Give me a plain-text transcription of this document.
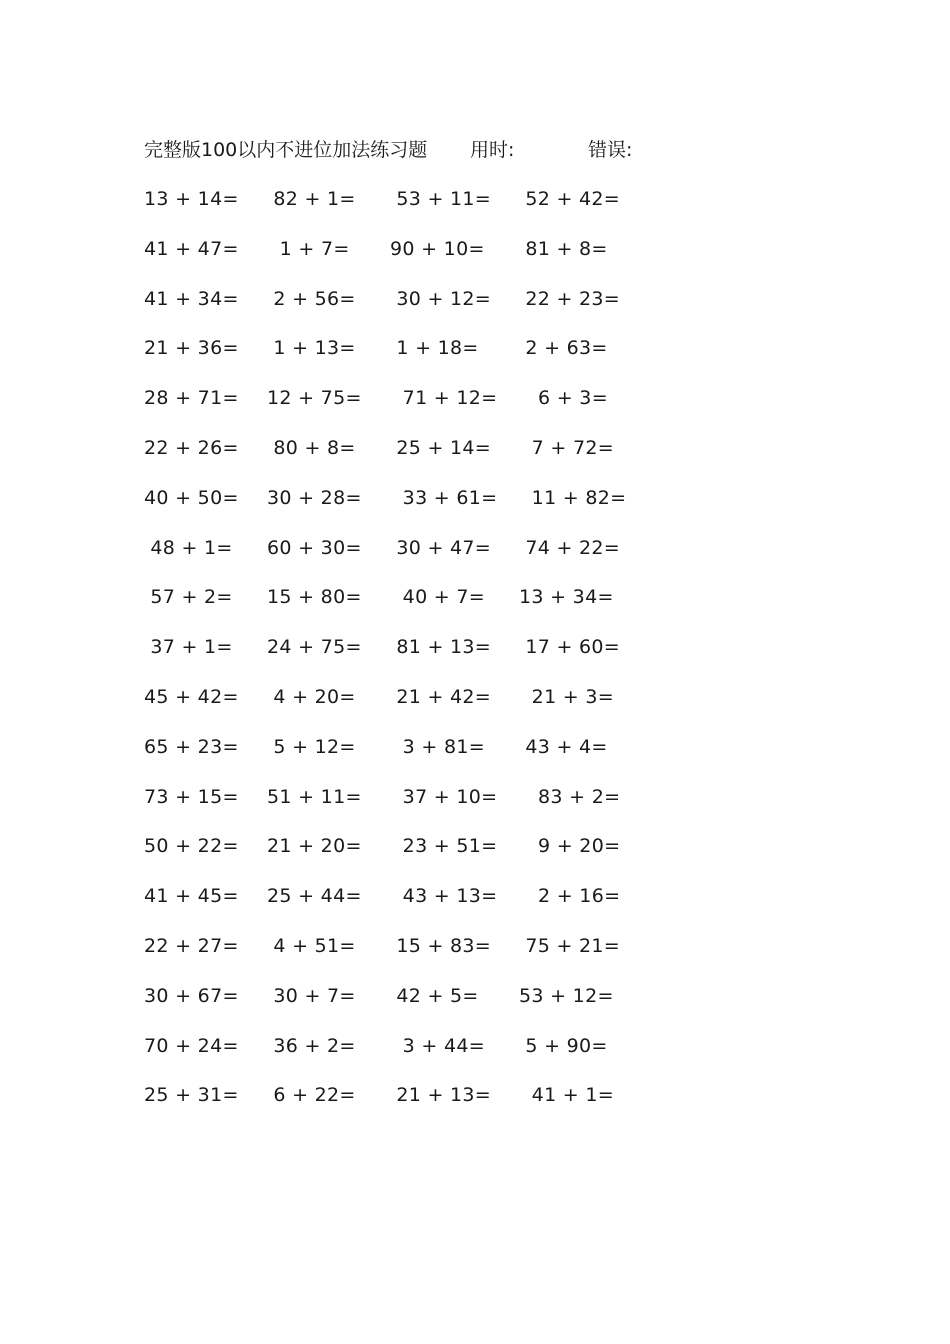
完整版100以内不进位加法练习题 用时:	错误:
13 + 14= 82 + 1= 53 + 11= 52 + 42=
41 + 47= 1 + 7= 90 + 10= 81 + 8=
41 + 34= 2 + 56= 30 + 12= 22 + 23=
21 + 36= 1 + 13= 1 + 18= 2 + 63=
28 + 71= 12 + 75= 71 + 12= 6 + 3=
22 + 26= 80 + 8= 25 + 14= 7 + 72=
40 + 50= 30 + 28= 33 + 61= 11 + 82=
48 + 1= 60 + 30= 30 + 47= 74 + 22=
57 + 2= 15 + 80= 40 + 7= 13 + 34=
37 + 1= 24 + 75= 81 + 13= 17 + 60=
45 + 42= 4 + 20= 21 + 42= 21 + 3=
65 + 23= 5 + 12= 3 + 81= 43 + 4=
73 + 15= 51 + 11= 37 + 10= 83 + 2=
50 + 22= 21 + 20= 23 + 51= 9 + 20=
41 + 45= 25 + 44= 43 + 13= 2 + 16=
22 + 27= 4 + 51= 15 + 83= 75 + 21=
30 + 67= 30 + 7= 42 + 5= 53 + 12=
70 + 24= 36 + 2= 3 + 44= 5 + 90=
25 + 31= 6 + 22= 21 + 13= 41 + 1=
